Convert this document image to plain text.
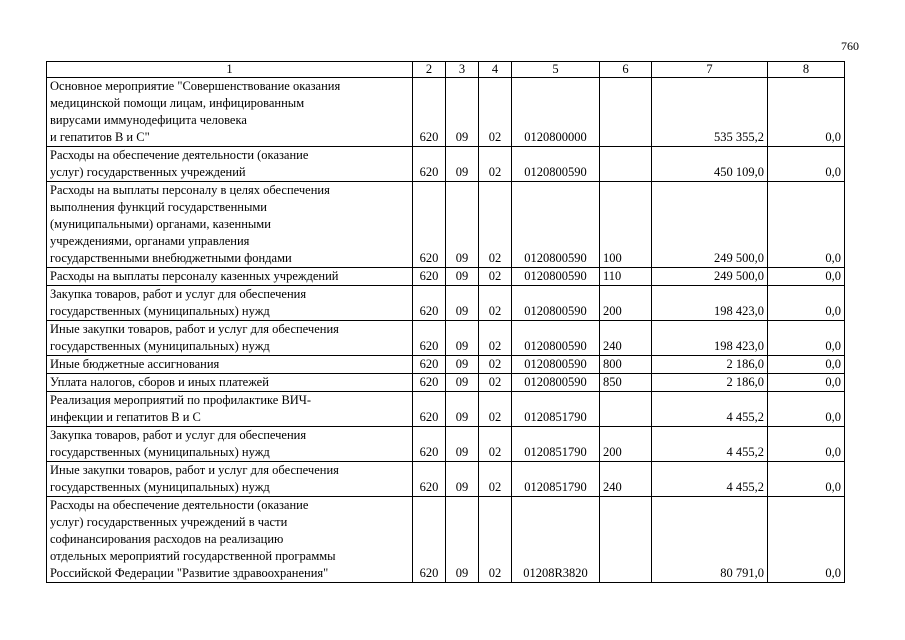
760
1	2	3	4	5	6	7	8
Основное мероприятие "Совершенствование оказания
медицинской помощи лицам, инфицированным
вирусами иммунодефицита человека
и гепатитов В и С"	620	09	02	0120800000		535 355,2	0,0
Расходы на обеспечение деятельности (оказание
услуг) государственных учреждений	620	09	02	0120800590		450 109,0	0,0
Расходы на выплаты персоналу в целях обеспечения
выполнения функций государственными
(муниципальными) органами, казенными
учреждениями, органами управления
государственными внебюджетными фондами	620	09	02	0120800590	100	249 500,0	0,0
Расходы на выплаты персоналу казенных учреждений	620	09	02	0120800590	110	249 500,0	0,0
Закупка товаров, работ и услуг для обеспечения
государственных (муниципальных) нужд	620	09	02	0120800590	200	198 423,0	0,0
Иные закупки товаров, работ и услуг для обеспечения
государственных (муниципальных) нужд	620	09	02	0120800590	240	198 423,0	0,0
Иные бюджетные ассигнования	620	09	02	0120800590	800	2 186,0	0,0
Уплата налогов, сборов и иных платежей	620	09	02	0120800590	850	2 186,0	0,0
Реализация мероприятий по профилактике ВИЧ-
инфекции и гепатитов В и С	620	09	02	0120851790		4 455,2	0,0
Закупка товаров, работ и услуг для обеспечения
государственных (муниципальных) нужд	620	09	02	0120851790	200	4 455,2	0,0
Иные закупки товаров, работ и услуг для обеспечения
государственных (муниципальных) нужд	620	09	02	0120851790	240	4 455,2	0,0
Расходы на обеспечение деятельности (оказание
услуг) государственных учреждений в части
софинансирования расходов на реализацию
отдельных мероприятий государственной программы
Российской Федерации "Развитие здравоохранения"	620	09	02	01208R3820		80 791,0	0,0
